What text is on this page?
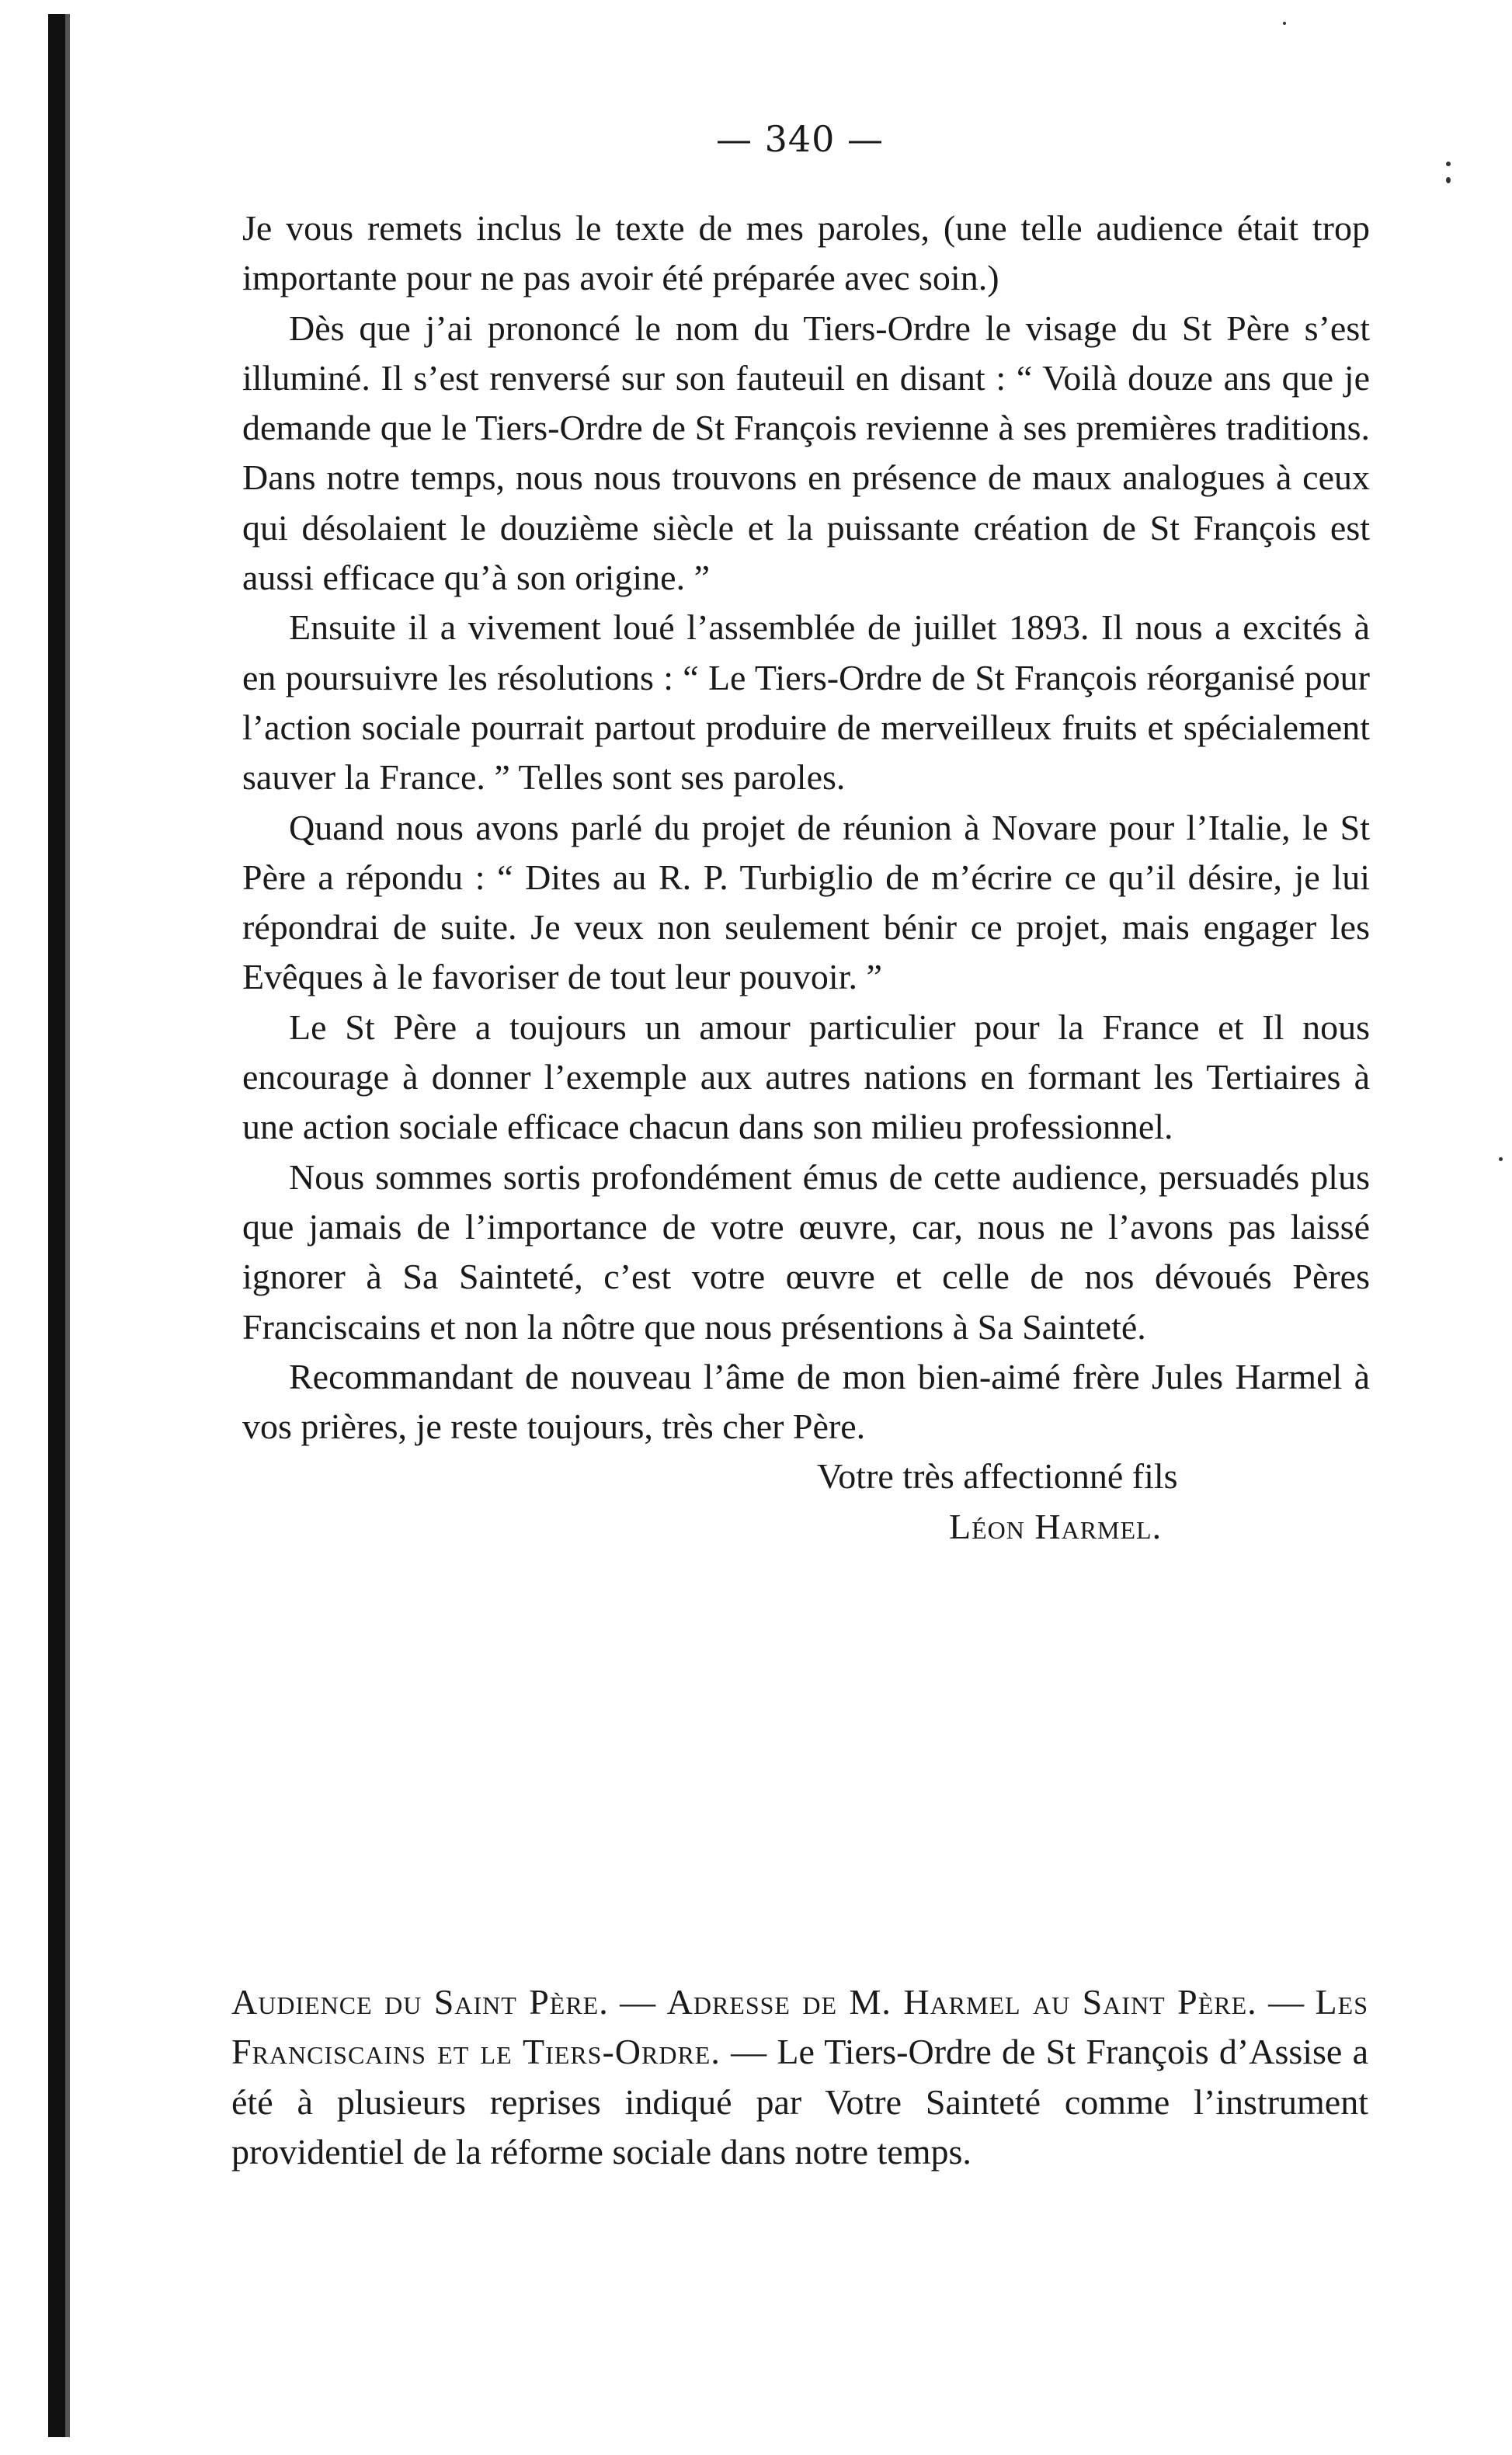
— 340 —

Je vous remets inclus le texte de mes paroles, (une telle audience était trop importante pour ne pas avoir été préparée avec soin.)

Dès que j’ai prononcé le nom du Tiers-Ordre le visage du St Père s’est illuminé. Il s’est renversé sur son fauteuil en disant : “ Voilà douze ans que je demande que le Tiers-Ordre de St François revienne à ses premières traditions. Dans notre temps, nous nous trouvons en présence de maux analogues à ceux qui désolaient le douzième siècle et la puissante création de St François est aussi efficace qu’à son origine. ”

Ensuite il a vivement loué l’assemblée de juillet 1893. Il nous a excités à en poursuivre les résolutions : “ Le Tiers-Ordre de St François réorganisé pour l’action sociale pourrait partout produire de merveilleux fruits et spécialement sauver la France. ” Telles sont ses paroles.

Quand nous avons parlé du projet de réunion à Novare pour l’Italie, le St Père a répondu : “ Dites au R. P. Turbiglio de m’écrire ce qu’il désire, je lui répondrai de suite. Je veux non seulement bénir ce projet, mais engager les Evêques à le favoriser de tout leur pouvoir. ”

Le St Père a toujours un amour particulier pour la France et Il nous encourage à donner l’exemple aux autres nations en formant les Tertiaires à une action sociale efficace chacun dans son milieu professionnel.

Nous sommes sortis profondément émus de cette audience, persuadés plus que jamais de l’importance de votre œuvre, car, nous ne l’avons pas laissé ignorer à Sa Sainteté, c’est votre œuvre et celle de nos dévoués Pères Franciscains et non la nôtre que nous présentions à Sa Sainteté.

Recommandant de nouveau l’âme de mon bien-aimé frère Jules Harmel à vos prières, je reste toujours, très cher Père.

Votre très affectionné fils

Léon Harmel.

Audience du Saint Père. — Adresse de M. Harmel au Saint Père. — Les Franciscains et le Tiers-Ordre. — Le Tiers-Ordre de St François d’Assise a été à plusieurs reprises indiqué par Votre Sainteté comme l’instrument providentiel de la réforme sociale dans notre temps.
